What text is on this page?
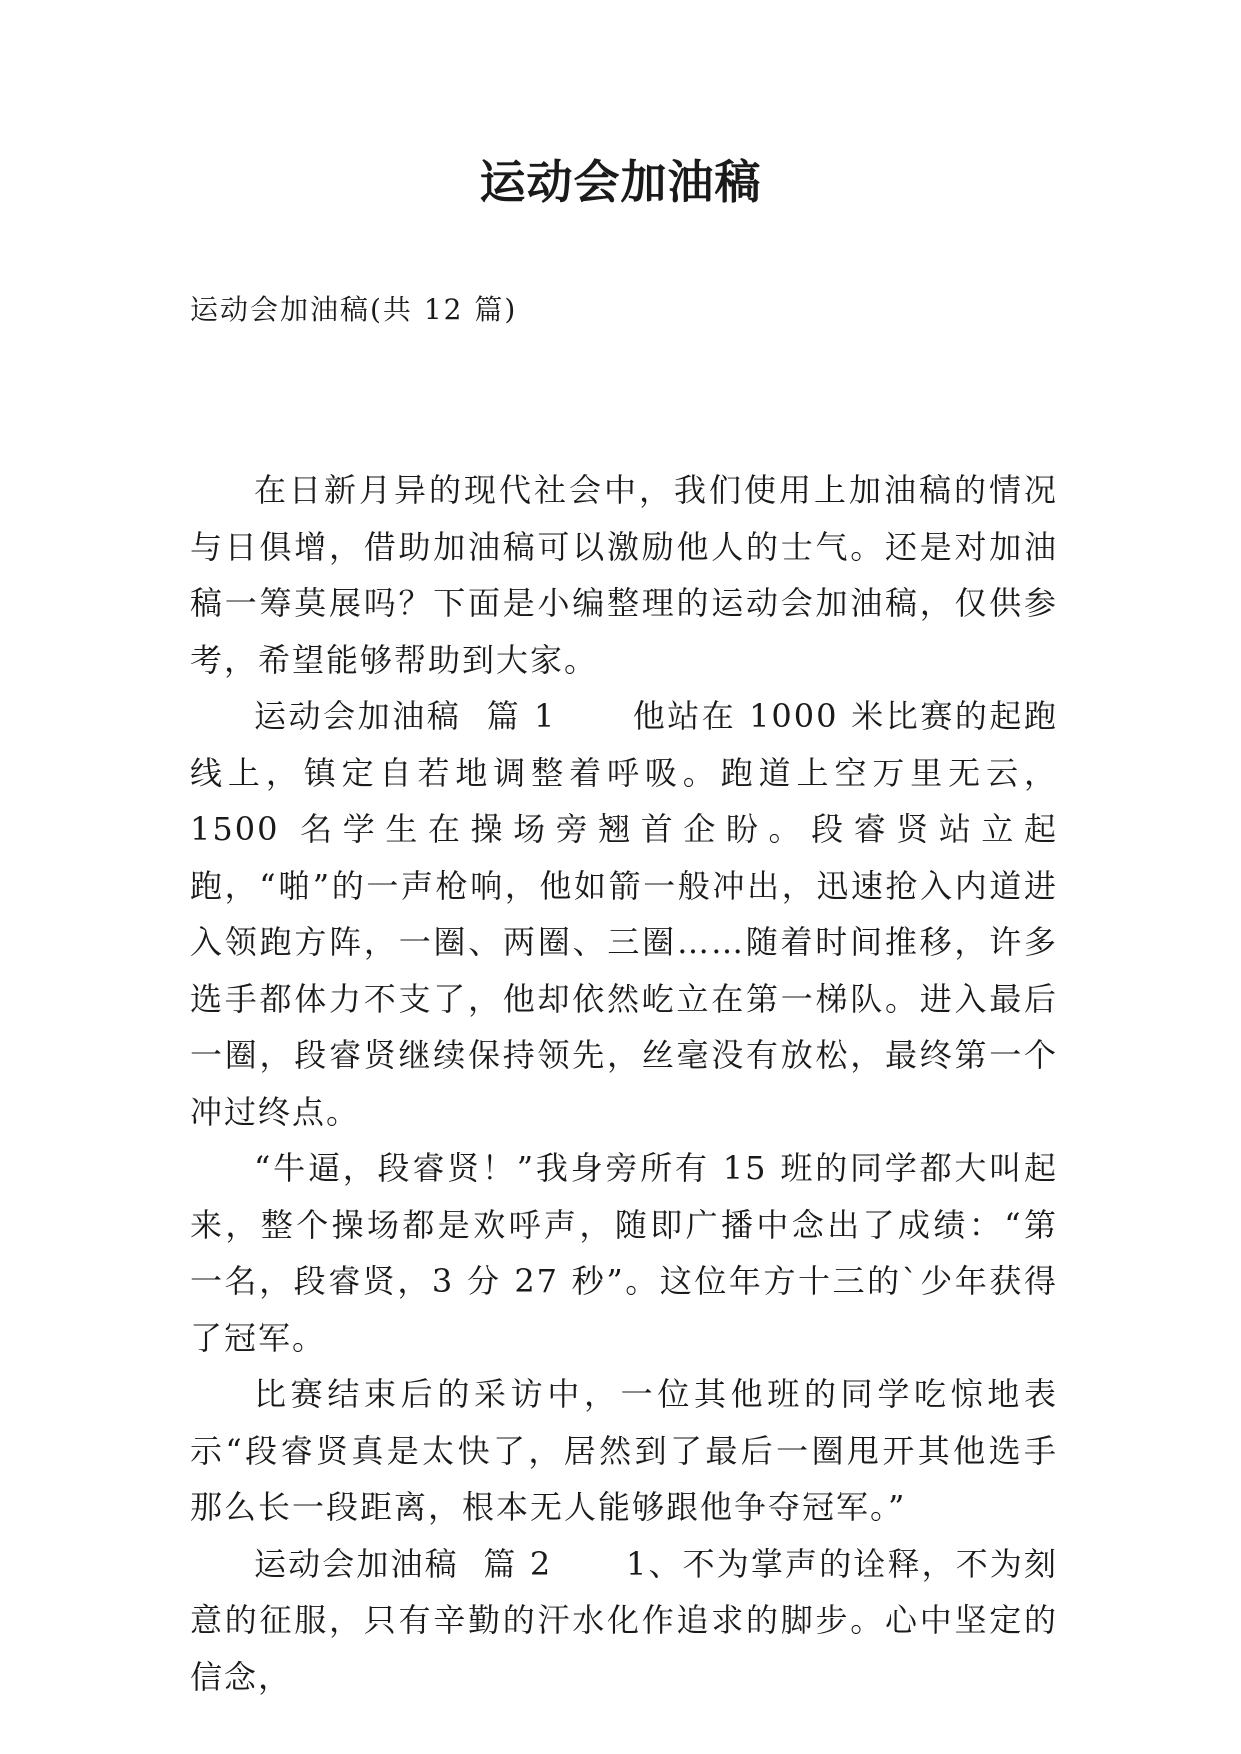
运动会加油稿

运动会加油稿(共 12 篇)

在日新月异的现代社会中，我们使用上加油稿的情况与日俱增，借助加油稿可以激励他人的士气。还是对加油稿一筹莫展吗？下面是小编整理的运动会加油稿，仅供参考，希望能够帮助到大家。

运动会加油稿  篇 1      他站在 1000 米比赛的起跑线上，镇定自若地调整着呼吸。跑道上空万里无云，1500 名学生在操场旁翘首企盼。段睿贤站立起跑，“啪”的一声枪响，他如箭一般冲出，迅速抢入内道进入领跑方阵，一圈、两圈、三圈……随着时间推移，许多选手都体力不支了，他却依然屹立在第一梯队。进入最后一圈，段睿贤继续保持领先，丝毫没有放松，最终第一个冲过终点。

“牛逼，段睿贤！”我身旁所有 15 班的同学都大叫起来，整个操场都是欢呼声，随即广播中念出了成绩：“第一名，段睿贤，3 分 27 秒”。这位年方十三的`少年获得了冠军。

比赛结束后的采访中，一位其他班的同学吃惊地表示“段睿贤真是太快了，居然到了最后一圈甩开其他选手那么长一段距离，根本无人能够跟他争夺冠军。”

运动会加油稿  篇 2      1、不为掌声的诠释，不为刻意的征服，只有辛勤的汗水化作追求的脚步。心中坚定的信念，
